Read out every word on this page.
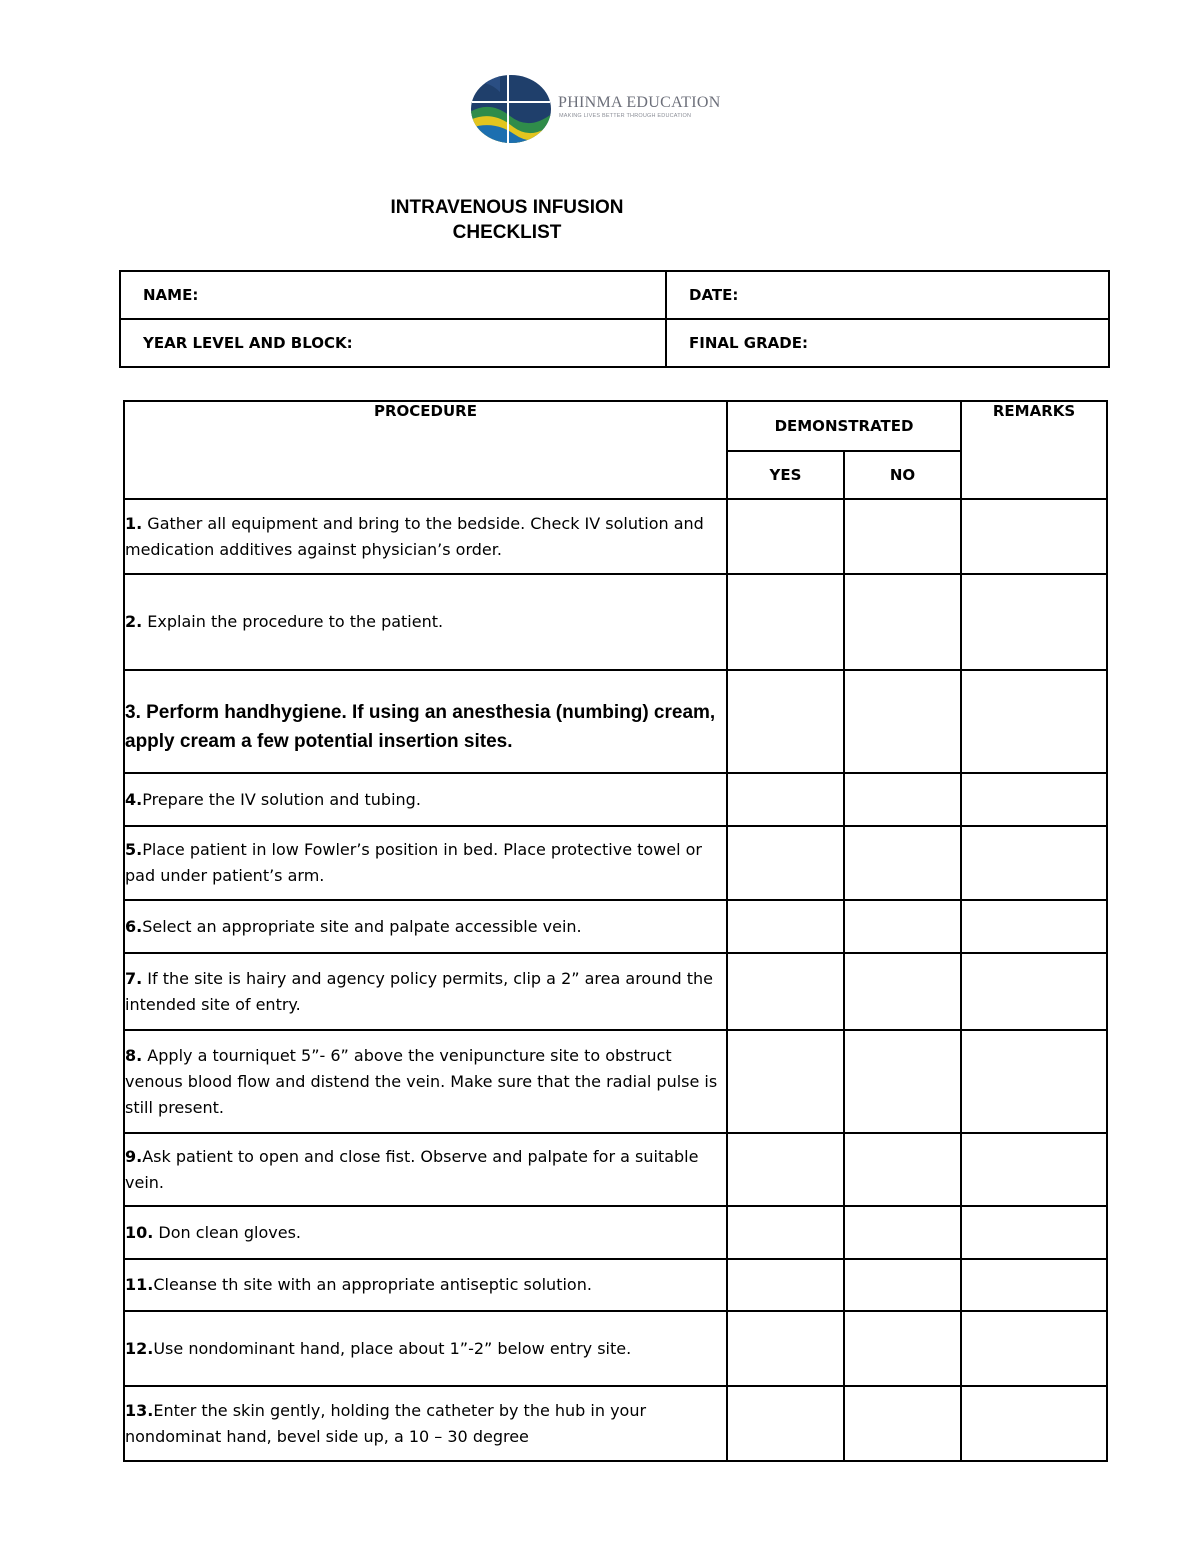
PHINMA EDUCATION
MAKING LIVES BETTER THROUGH EDUCATION
INTRAVENOUS INFUSION
CHECKLIST
NAME:	DATE:
YEAR LEVEL AND BLOCK:	FINAL GRADE:
PROCEDURE	DEMONSTRATED		REMARKS
	YES	NO	
1. Gather all equipment and bring to the bedside. Check IV solution and medication additives against physician’s order.			
2. Explain the procedure to the patient.			
3. Perform handhygiene. If using an anesthesia (numbing) cream, apply cream a few potential insertion sites.			
4.Prepare the IV solution and tubing.			
5.Place patient in low Fowler’s position in bed. Place protective towel or pad under patient’s arm.			
6.Select an appropriate site and palpate accessible vein.			
7. If the site is hairy and agency policy permits, clip a 2” area around the intended site of entry.			
8. Apply a tourniquet 5”- 6” above the venipuncture site to obstruct venous blood flow and distend the vein. Make sure that the radial pulse is still present.			
9.Ask patient to open and close fist. Observe and palpate for a suitable vein.			
10. Don clean gloves.			
11.Cleanse th site with an appropriate antiseptic solution.			
12.Use nondominant hand, place about 1”-2” below entry site.			
13.Enter the skin gently, holding the catheter by the hub in your nondominat hand, bevel side up, a 10 – 30 degree			
